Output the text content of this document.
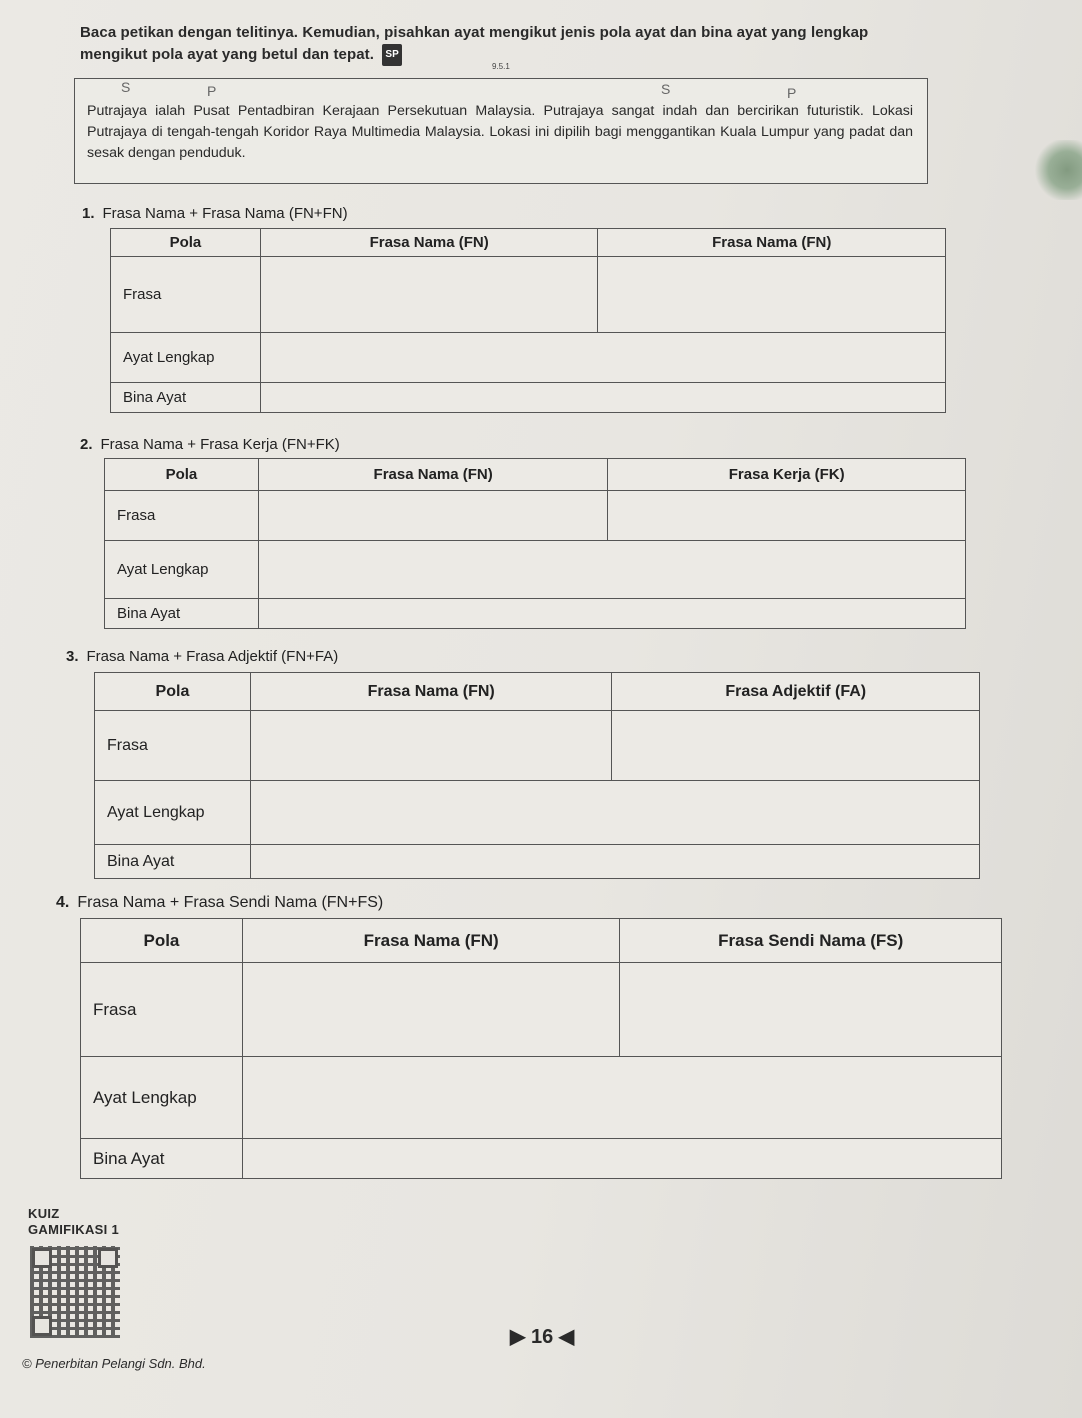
Baca petikan dengan telitinya. Kemudian, pisahkan ayat mengikut jenis pola ayat dan bina ayat yang lengkap mengikut pola ayat yang betul dan tepat. SP
9.5.1
S	P	S	P

Putrajaya ialah Pusat Pentadbiran Kerajaan Persekutuan Malaysia. Putrajaya sangat indah dan bercirikan futuristik. Lokasi Putrajaya di tengah-tengah Koridor Raya Multimedia Malaysia. Lokasi ini dipilih bagi menggantikan Kuala Lumpur yang padat dan sesak dengan penduduk.

1. Frasa Nama + Frasa Nama (FN+FN)
Pola	Frasa Nama (FN)	Frasa Nama (FN)
Frasa		
Ayat Lengkap		
Bina Ayat		
2. Frasa Nama + Frasa Kerja (FN+FK)
Pola	Frasa Nama (FN)	Frasa Kerja (FK)
Frasa		
Ayat Lengkap		
Bina Ayat		
3. Frasa Nama + Frasa Adjektif (FN+FA)
Pola	Frasa Nama (FN)	Frasa Adjektif (FA)
Frasa		
Ayat Lengkap		
Bina Ayat		
4. Frasa Nama + Frasa Sendi Nama (FN+FS)
Pola	Frasa Nama (FN)	Frasa Sendi Nama (FS)
Frasa		
Ayat Lengkap		
Bina Ayat		
KUIZ
GAMIFIKASI 1
▶ 16 ◀
© Penerbitan Pelangi Sdn. Bhd.
